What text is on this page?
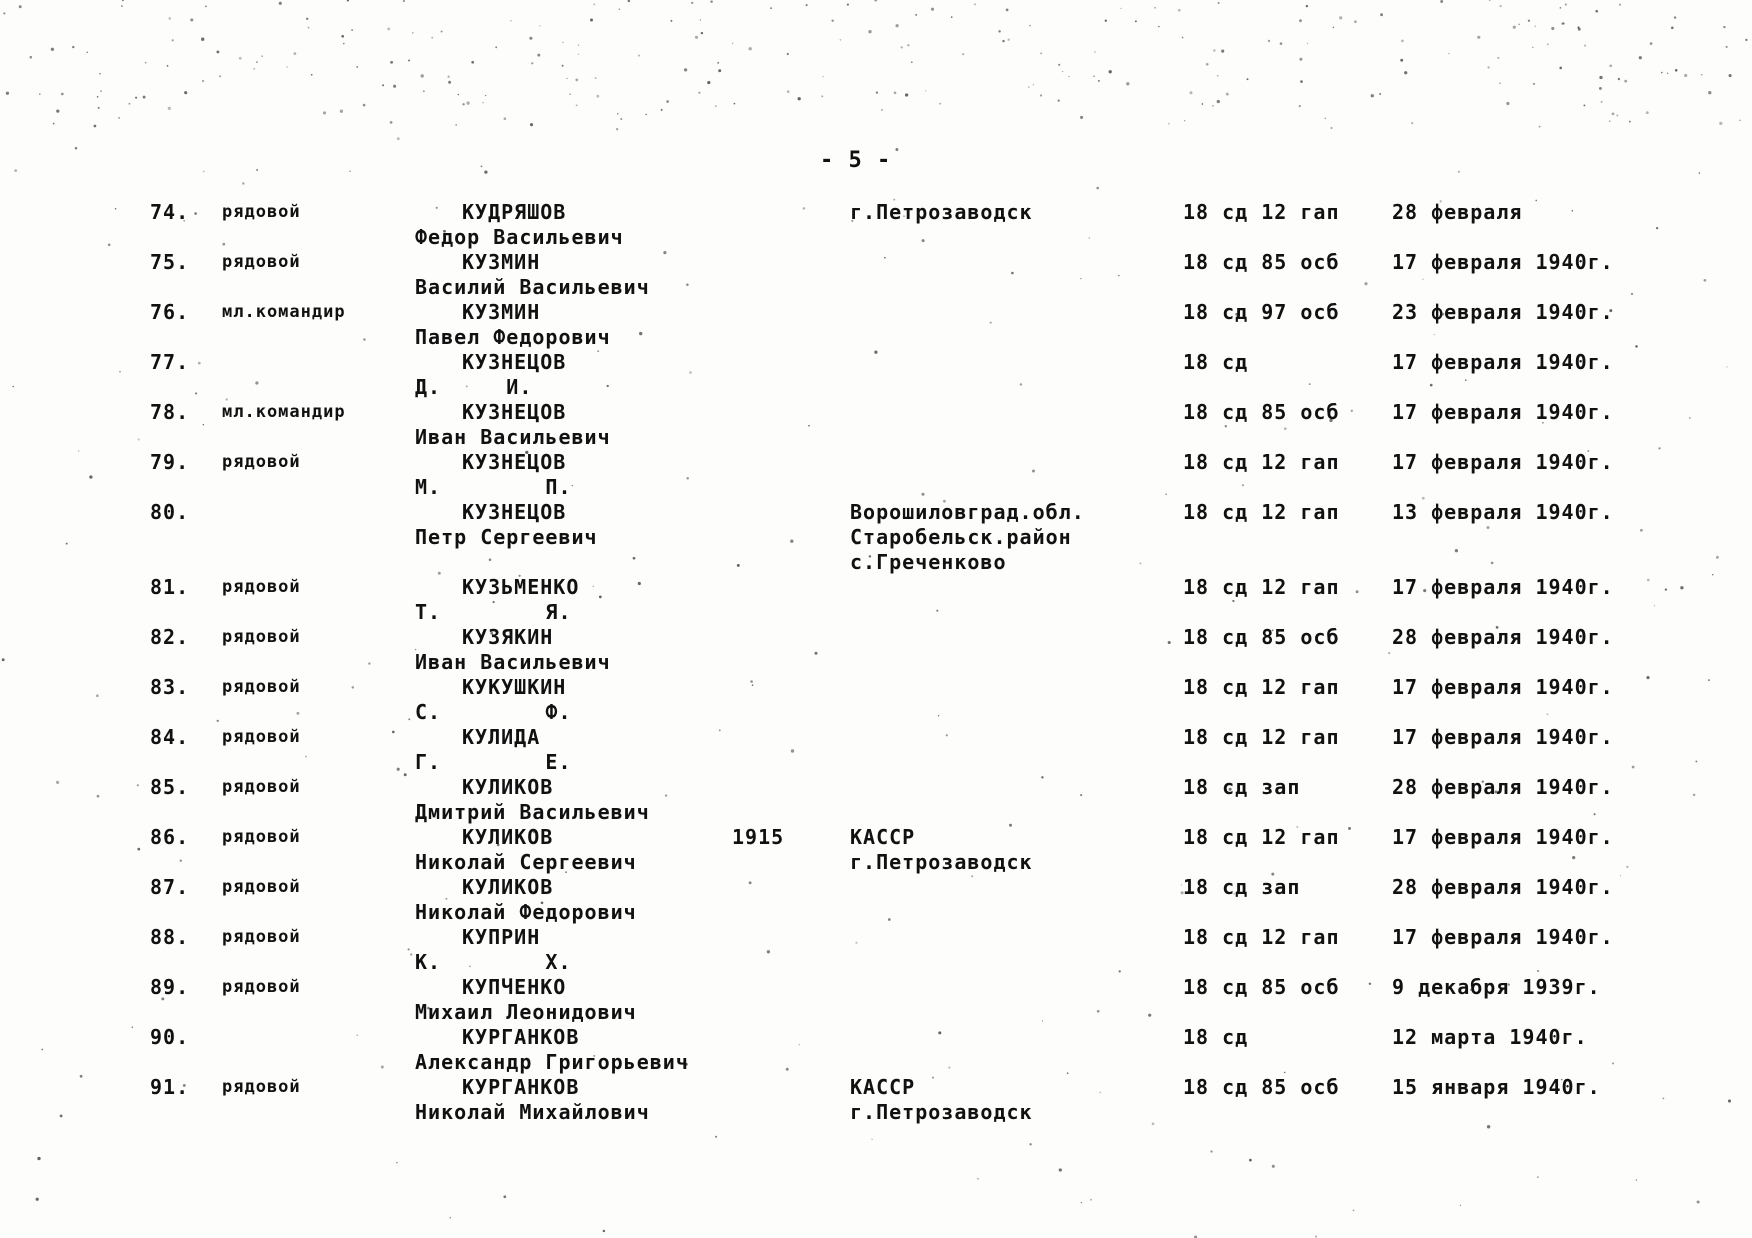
- 5 -
74. рядовой	КУДРЯШОВ
Федор Васильевич
г.Петрозаводск	18 сд 12 гап	28 февраля
75. рядовой	КУЗМИН
Василий Васильевич
18 сд 85 осб	17 февраля 1940г.
76. мл.командир	КУЗМИН
Павел Федорович
18 сд 97 осб	23 февраля 1940г.
77.	КУЗНЕЦОВ
Д.     И.
18 сд	17 февраля 1940г.
78. мл.командир	КУЗНЕЦОВ
Иван Васильевич
18 сд 85 осб	17 февраля 1940г.
79. рядовой	КУЗНЕЦОВ
М.        П.
18 сд 12 гап	17 февраля 1940г.
80.	КУЗНЕЦОВ
Петр Сергеевич
Ворошиловград.обл.
Старобельск.район
с.Греченково
18 сд 12 гап	13 февраля 1940г.
81. рядовой	КУЗЬМЕНКО
Т.        Я.
18 сд 12 гап	17 февраля 1940г.
82. рядовой	КУЗЯКИН
Иван Васильевич
18 сд 85 осб	28 февраля 1940г.
83. рядовой	КУКУШКИН
С.        Ф.
18 сд 12 гап	17 февраля 1940г.
84. рядовой	КУЛИДА
Г.        Е.
18 сд 12 гап	17 февраля 1940г.
85. рядовой	КУЛИКОВ
Дмитрий Васильевич
18 сд зап	28 февраля 1940г.
86. рядовой	КУЛИКОВ
Николай Сергеевич
1915	КАССР
г.Петрозаводск
18 сд 12 гап	17 февраля 1940г.
87. рядовой	КУЛИКОВ
Николай Федорович
18 сд зап	28 февраля 1940г.
88. рядовой	КУПРИН
К.        Х.
18 сд 12 гап	17 февраля 1940г.
89. рядовой	КУПЧЕНКО
Михаил Леонидович
18 сд 85 осб	9 декабря 1939г.
90.	КУРГАНКОВ
Александр Григорьевич
18 сд	12 марта 1940г.
91. рядовой	КУРГАНКОВ
Николай Михайлович
КАССР
г.Петрозаводск
18 сд 85 осб	15 января 1940г.
